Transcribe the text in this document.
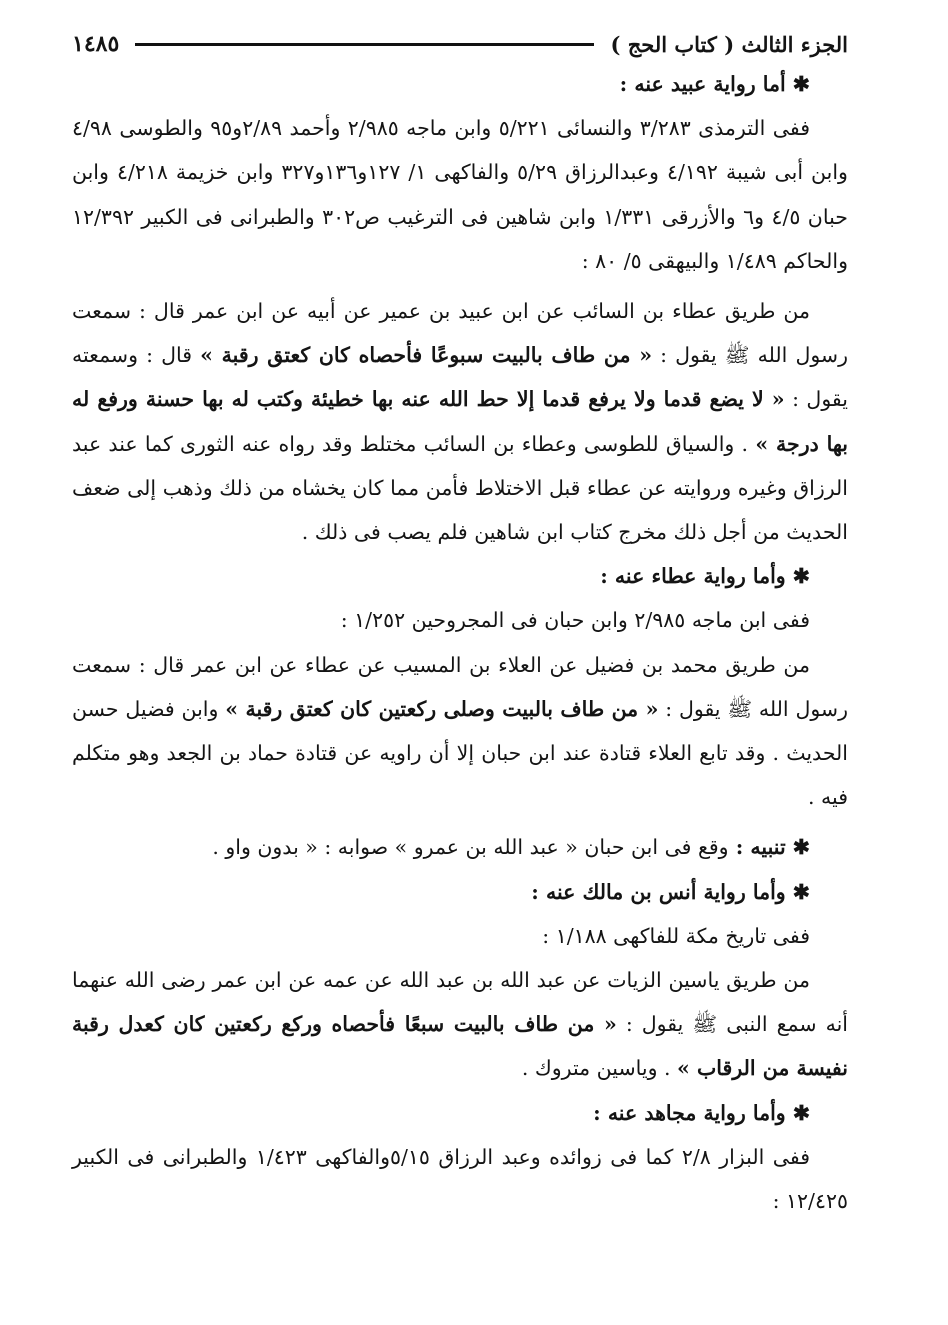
الجزء الثالث ( كتاب الحج )
١٤٨٥

✱ أما رواية عبيد عنه :

ففى الترمذى ٣/٢٨٣ والنسائى ٥/٢٢١ وابن ماجه ٢/٩٨٥ وأحمد ٢/٨٩و٩٥ والطوسى ٤/٩٨ وابن أبى شيبة ٤/١٩٢ وعبدالرزاق ٥/٢٩ والفاكهى ١/ ١٢٧و١٣٦و٣٢٧ وابن خزيمة ٤/٢١٨ وابن حبان ٤/٥ و٦ والأزرقى ١/٣٣١ وابن شاهين فى الترغيب ص٣٠٢ والطبرانى فى الكبير ١٢/٣٩٢ والحاكم ١/٤٨٩ والبيهقى ٥/ ٨٠ :

من طريق عطاء بن السائب عن ابن عبيد بن عمير عن أبيه عن ابن عمر قال : سمعت رسول الله ﷺ يقول : « من طاف بالبيت سبوعًا فأحصاه كان كعتق رقبة » قال : وسمعته يقول : « لا يضع قدما ولا يرفع قدما إلا حط الله عنه بها خطيئة وكتب له بها حسنة ورفع له بها درجة » . والسياق للطوسى وعطاء بن السائب مختلط وقد رواه عنه الثورى كما عند عبد الرزاق وغيره وروايته عن عطاء قبل الاختلاط فأمن مما كان يخشاه من ذلك وذهب إلى ضعف الحديث من أجل ذلك مخرج كتاب ابن شاهين فلم يصب فى ذلك .

✱ وأما رواية عطاء عنه :

ففى ابن ماجه ٢/٩٨٥ وابن حبان فى المجروحين ١/٢٥٢ :

من طريق محمد بن فضيل عن العلاء بن المسيب عن عطاء عن ابن عمر قال : سمعت رسول الله ﷺ يقول : « من طاف بالبيت وصلى ركعتين كان كعتق رقبة » وابن فضيل حسن الحديث . وقد تابع العلاء قتادة عند ابن حبان إلا أن راويه عن قتادة حماد بن الجعد وهو متكلم فيه .

✱ تنبيه : وقع فى ابن حبان « عبد الله بن عمرو » صوابه : « بدون واو .

✱ وأما رواية أنس بن مالك عنه :

ففى تاريخ مكة للفاكهى ١/١٨٨ :

من طريق ياسين الزيات عن عبد الله بن عبد الله عن عمه عن ابن عمر رضى الله عنهما أنه سمع النبى ﷺ يقول : « من طاف بالبيت سبعًا فأحصاه وركع ركعتين كان كعدل رقبة نفيسة من الرقاب » . وياسين متروك .

✱ وأما رواية مجاهد عنه :

ففى البزار ٢/٨ كما فى زوائده وعبد الرزاق ٥/١٥والفاكهى ١/٤٢٣ والطبرانى فى الكبير ١٢/٤٢٥ :
